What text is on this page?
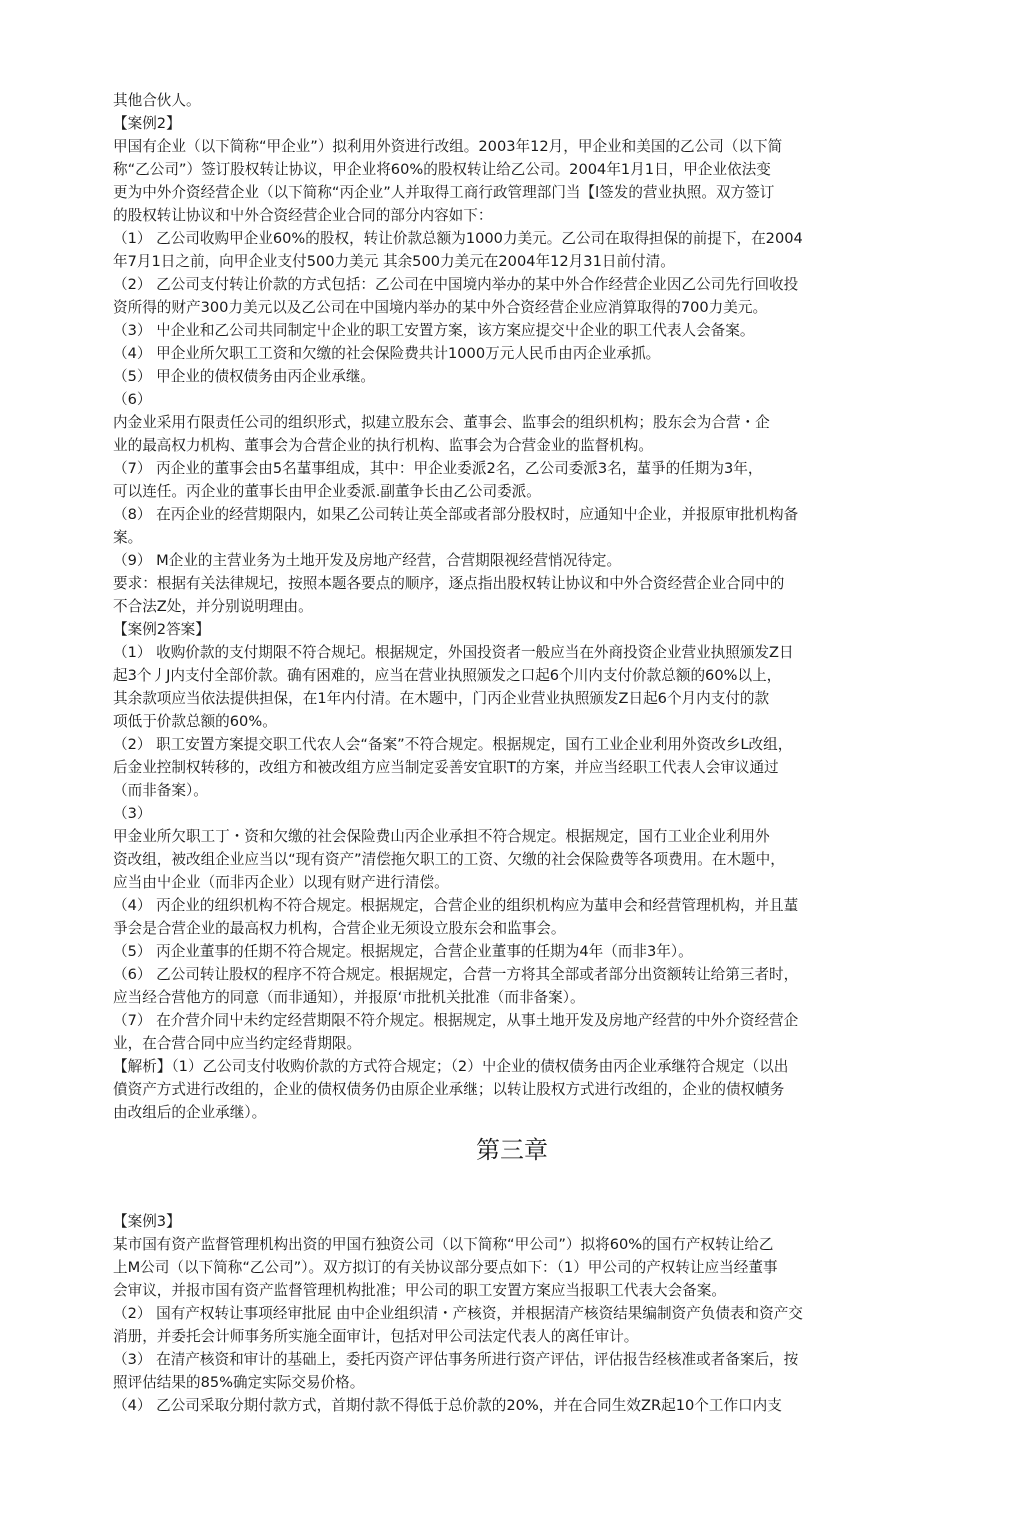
其他合伙人。
【案例2】
甲国有企业（以下简称“甲企业”）拟利用外资进行改组。2003年12月，甲企业和美国的乙公司（以下简
称“乙公司”）签订股权转让协议，甲企业将60%的股权转让给乙公司。2004年1月1日，甲企业依法变
更为中外介资经营企业（以下简称“丙企业”人并取得工商行政管理部门当【l签发的营业执照。双方签订
的股权转让协议和屮外合资经营企业合同的部分内容如下：
（1） 乙公司收购甲企业60%的股权，转让价款总额为1000力美元。乙公司在取得担保的前提下，在2004
年7月1日之前，向甲企业支付500力美元 其余500力美元在2004年12月31日前付清。
（2） 乙公司支付转让价款的方式包括：乙公司在中国境内举办的某中外合作经营企业因乙公司先行回收投
资所得的财产300力美元以及乙公司在中国境内举办的某中外合资经营企业应消算取得的700力美元。
（3） 屮企业和乙公司共同制定屮企业的职工安置方案，该方案应提交屮企业的职工代表人会备案。
（4） 甲企业所欠职工工资和欠缴的社会保险费共计1000万元人民币由丙企业承抓。
（5） 甲企业的债权债务由丙企业承继。
（6）
内金业采用冇限责任公司的组织形式，拟建立股东会、董事会、监事会的组织机构；股东会为合营・企
业的最高权力机构、董事会为合营企业的执行机构、监事会为合营金业的监督机构。
（7） 丙企业的董事会由5名蓳事组成，其中：甲企业委派2名，乙公司委派3名，蓳爭的任期为3年，
可以连任。丙企业的董事长由甲企业委派.副董争长由乙公司委派。
（8） 在丙企业的经营期限内，如果乙公司转让英全部或者部分股权时，应通知屮企业，并报原审批机构备
案。
（9） M企业的主营业务为土地开发及房地产经营，合营期限视经营悄况待定。
要求：根据有关法律规圮，按照本题各要点的顺序，逐点指出股权转让协议和中外合资经营企业合同中的
不合法Z处，并分别说明理由。
【案例2答案】
（1） 收购价款的支付期限不符合规圮。根据规定，外国投资者一般应当在外商投资企业营业执照颁发Z日
起3个丿J内支付全部价款。确有困难的，应当在营业执照颁发之口起6个川内支付价款总额的60%以上，
其余款项应当依法提供担保，在1年内付清。在木题中，门丙企业营业执照颁发Z日起6个月内支付的款
项低于价款总额的60%。
（2） 职工安置方案提交职工代农人会“备案”不符合规定。根据规定，国冇工业企业利用外资改乡L改组，
后金业控制权转移的，改组方和被改组方应当制定妥善安宜职T的方案，并应当经职工代表人会审议通过
（而非备案）。
（3）
甲金业所欠职工丁・资和欠缴的社会保险费山丙企业承担不符合规定。根据规定，国冇工业企业利用外
资改组，被改组企业应当以“现有资产”清偿拖欠职工的工资、欠缴的社会保险费等各项费用。在木题中，
应当由屮企业（而非丙企业）以现有财产进行清偿。
（4） 丙企业的纽织机构不符合规定。根据规定，合营企业的组织机构应为蓳申会和经营管理机构，并且蓳
爭会是合营企业的最高权力机构，合营企业无须设立股东会和监事会。
（5） 丙企业董事的任期不符合规定。根据规定，合营企业董事的任期为4年（而非3年）。
（6） 乙公司转让股权的程序不符合规定。根据规定，合营一方将其全部或者部分出资额转让给第三者时，
应当经合营他方的同意（而非通知），并报原‘市批机关批准（而非备案）。
（7） 在介营介同屮未约定经营期限不符介规定。根据规定，从事土地开发及房地产经营的中外介资经营企
业，在合营合同中应当约定经背期限。
【解析】（1）乙公司支付收购价款的方式符合规定；（2）屮企业的债权债务由丙企业承继符合规定（以出
僨资产方式进行改组的，企业的债权债务仍由原企业承继；以转让股权方式进行改组的，企业的债权幘务
由改组后的企业承继）。
第三章
【案例3】
某市国有资产监督管理机构出资的甲国冇独资公司（以下简称“甲公司”）拟将60%的国冇产权转让给乙
上M公司（以下简称“乙公司”）。双方拟订的有关协议部分要点如下：（1）甲公司的产权转让应当经董事
会审议，并报市国有资产监督管理机构批准；甲公司的职工安置方案应当报职工代表大会备案。
（2） 国有产权转让事项经审批屁 由中企业组织清・产核资，并根据清产核资结果编制资产负债表和资产交
消册，并委托会计师事务所实施全面审计，包括对甲公司法定代表人的离任审计。
（3） 在清产核资和审计的基础上，委托丙资产评估事务所进行资产评估，评估报告经核准或者备案后，按
照评估结果的85%确定实际交易价格。
（4） 乙公司采取分期付款方式，首期付款不得低于总价款的20%，并在合同生效ZR起10个工作口内支
